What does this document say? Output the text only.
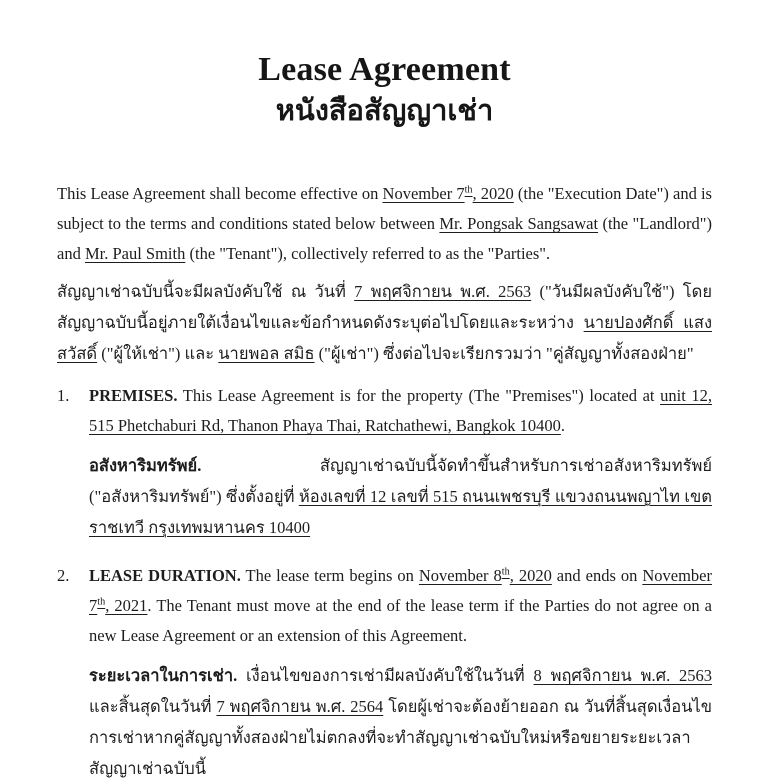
Lease Agreement
หนังสือสัญญาเช่า

This Lease Agreement shall become effective on November 7th, 2020 (the "Execution Date") and is subject to the terms and conditions stated below between Mr. Pongsak Sangsawat (the "Landlord") and Mr. Paul Smith (the "Tenant"), collectively referred to as the "Parties".

สัญญาเช่าฉบับนี้จะมีผลบังคับใช้ ณ วันที่ 7 พฤศจิกายน พ.ศ. 2563 ("วันมีผลบังคับใช้") โดยสัญญาฉบับนี้อยู่ภายใต้เงื่อนไขและข้อกำหนดดังระบุต่อไปโดยและระหว่าง นายปองศักดิ์ แสงสวัสดิ์ ("ผู้ให้เช่า") และ นายพอล สมิธ ("ผู้เช่า") ซึ่งต่อไปจะเรียกรวมว่า "คู่สัญญาทั้งสองฝ่าย"

1.	PREMISES. This Lease Agreement is for the property (The "Premises") located at unit 12, 515 Phetchaburi Rd, Thanon Phaya Thai, Ratchathewi, Bangkok 10400.

อสังหาริมทรัพย์. สัญญาเช่าฉบับนี้จัดทำขึ้นสำหรับการเช่าอสังหาริมทรัพย์ ("อสังหาริมทรัพย์") ซึ่งตั้งอยู่ที่ ห้องเลขที่ 12 เลขที่ 515 ถนนเพชรบุรี แขวงถนนพญาไท เขตราชเทวี กรุงเทพมหานคร 10400

2.	LEASE DURATION. The lease term begins on November 8th, 2020 and ends on November 7th, 2021. The Tenant must move at the end of the lease term if the Parties do not agree on a new Lease Agreement or an extension of this Agreement.

ระยะเวลาในการเช่า. เงื่อนไขของการเช่ามีผลบังคับใช้ในวันที่ 8 พฤศจิกายน พ.ศ. 2563 และสิ้นสุดในวันที่ 7 พฤศจิกายน พ.ศ. 2564 โดยผู้เช่าจะต้องย้ายออก ณ วันที่สิ้นสุดเงื่อนไขการเช่าหากคู่สัญญาทั้งสองฝ่ายไม่ตกลงที่จะทำสัญญาเช่าฉบับใหม่หรือขยายระยะเวลาสัญญาเช่าฉบับนี้
